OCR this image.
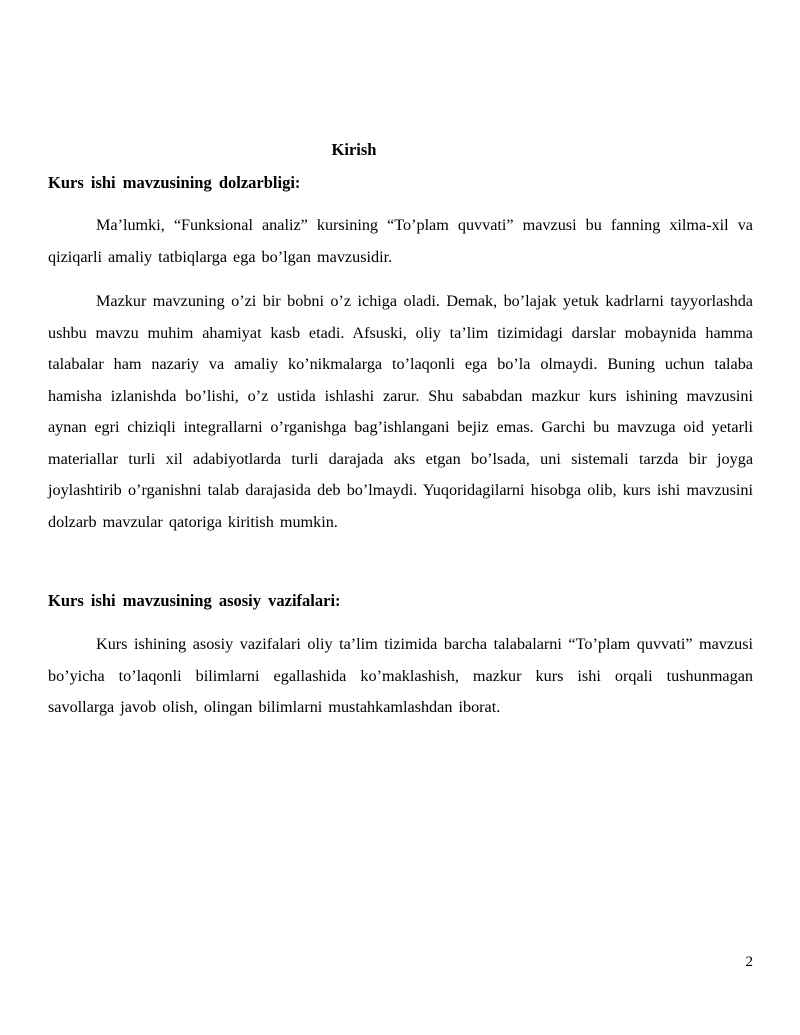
Kirish
Kurs ishi mavzusining dolzarbligi:

Ma’lumki, “Funksional analiz” kursining “To’plam quvvati” mavzusi bu fanning xilma-xil va qiziqarli amaliy tatbiqlarga ega bo’lgan mavzusidir.

Mazkur mavzuning o’zi bir bobni o’z ichiga oladi. Demak, bo’lajak yetuk kadrlarni tayyorlashda ushbu mavzu muhim ahamiyat kasb etadi. Afsuski, oliy ta’lim tizimidagi darslar mobaynida hamma talabalar ham nazariy va amaliy ko’nikmalarga to’laqonli ega bo’la olmaydi. Buning uchun talaba hamisha izlanishda bo’lishi, o’z ustida ishlashi zarur. Shu sababdan mazkur kurs ishining mavzusini aynan egri chiziqli integrallarni o’rganishga bag’ishlangani bejiz emas. Garchi bu mavzuga oid yetarli materiallar turli xil adabiyotlarda turli darajada aks etgan bo’lsada, uni sistemali tarzda bir joyga joylashtirib o’rganishni talab darajasida deb bo’lmaydi. Yuqoridagilarni hisobga olib, kurs ishi mavzusini dolzarb mavzular qatoriga kiritish mumkin.

Kurs ishi mavzusining asosiy vazifalari:

Kurs ishining asosiy vazifalari oliy ta’lim tizimida barcha talabalarni “To’plam quvvati” mavzusi bo’yicha to’laqonli bilimlarni egallashida ko’maklashish, mazkur kurs ishi orqali tushunmagan savollarga javob olish, olingan bilimlarni mustahkamlashdan iborat.

2
